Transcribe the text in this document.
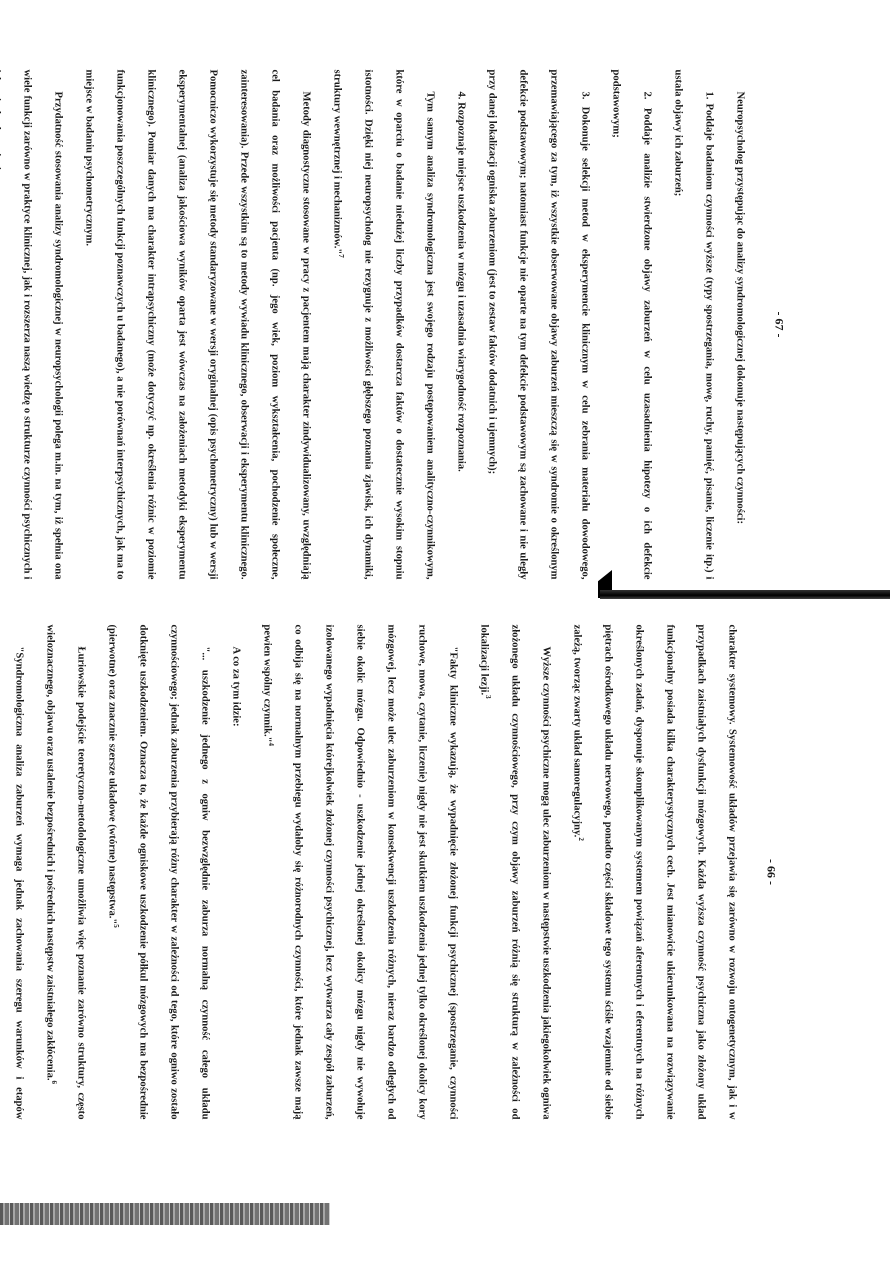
- 66 -

charakter systemowy. Systemowość układów przejawia się zarówno w rozwoju ontogenetycznym, jak i w przypadkach zaistniałych dysfunkcji mózgowych. Każda wyższa czynność psychiczna jako złożony układ funkcjonalny posiada kilka charakterystycznych cech. Jest mianowicie ukierunkowana na rozwiązywanie określonych zadań, dysponuje skomplikowanym systemem powiązań aferentnych i eferentnych na różnych piętrach ośrodkowego układu nerwowego, ponadto części składowe tego systemu ściśle wzajemnie od siebie zależą, tworząc zwarty układ samoregulacyjny.$^2$

Wyższe czynności psychiczne mogą ulec zaburzeniom w następstwie uszkodzenia jakiegokolwiek ogniwa złożonego układu czynnościowego, przy czym objawy zaburzeń różnią się strukturą w zależności od lokalizacji lezji.$^3$

"Fakty kliniczne wykazują, że wypadnięcie złożonej funkcji psychicznej (spostrzeganie, czynności ruchowe, mowa, czytanie, liczenie) nigdy nie jest skutkiem uszkodzenia jednej tylko określonej okolicy kory mózgowej, lecz może ulec zaburzeniom w konsekwencji uszkodzenia różnych, nieraz bardzo odległych od siebie okolic mózgu. Odpowiednio - uszkodzenie jednej określonej okolicy mózgu nigdy nie wywołuje izolowanego wypadnięcia którejkolwiek złożonej czynności psychicznej, lecz wytwarza cały zespół zaburzeń, co odbija się na normalnym przebiegu wydałoby się różnorodnych czynności, które jednak zawsze mają pewien wspólny czynnik."$^4$

A co za tym idzie:

"... uszkodzenie jednego z ogniw bezwzględnie zaburza normalną czynność całego układu czynnościowego; jednak zaburzenia przybierają różny charakter w zależności od tego, które ogniwo zostało dotknięte uszkodzeniem. Oznacza to, że każde ogniskowe uszkodzenie półkul mózgowych ma bezpośrednie (pierwotne) oraz znacznie szersze układowe (wtórne) następstwa."$^5$

Łuriowskie podejście teoretyczno-metodologiczne umożliwia więc poznanie zarówno struktury, często wieloznacznego, objawu oraz ustalenie bezpośrednich i pośrednich następstw zaistniałego zakłócenia.$^6$

"Syndromologiczna analiza zaburzeń wymaga jednak zachowania szeregu warunków i etapów

- 67 -

Neuropsycholog przystępując do analizy syndromologicznej dokonuje następujących czynności:

1. Poddaje badaniom czynności wyższe (typy spostrzegania, mowę, ruchy, pamięć, pisanie, liczenie itp.) i ustala objawy ich zaburzeń;

2. Poddaje analizie stwierdzone objawy zaburzeń w celu uzasadnienia hipotezy o ich defekcie podstawowym;

3. Dokonuje selekcji metod w eksperymencie klinicznym w celu zebrania materiału dowodowego, przemawiającego za tym, iż wszystkie obserwowane objawy zaburzeń mieszczą się w syndromie o określonym defekcie podstawowym; natomiast funkcje nie oparte na tym defekcie podstawowym są zachowane i nie uległy przy danej lokalizacji ogniska zaburzeniom (jest to zestaw faktów dodatnich i ujemnych);

4. Rozpoznaje miejsce uszkodzenia w mózgu i uzasadnia wiarygodność rozpoznania.

Tym samym analiza syndromologiczna jest swojego rodzaju postępowaniem analityczno-czynnikowym, które w oparciu o badanie niedużej liczby przypadków dostarcza faktów o dostatecznie wysokim stopniu istotności. Dzięki niej neuropsycholog nie rezygnuje z możliwości głębszego poznania zjawisk, ich dynamiki, struktury wewnętrznej i mechanizmów."$^7$

Metody diagnostyczne stosowane w pracy z pacjentem mają charakter zindywidualizowany, uwzględniają cel badania oraz możliwości pacjenta (np. jego wiek, poziom wykształcenia, pochodzenie społeczne, zainteresowania). Przede wszystkim są to metody wywiadu klinicznego, obserwacji i eksperymentu klinicznego. Pomocniczo wykorzystuje się metody standaryzowane w wersji oryginalnej (opis psychometryczny) lub w wersji eksperymentalnej (analiza jakościowa wyników oparta jest wówczas na założeniach metodyki eksperymentu klinicznego). Pomiar danych ma charakter intrapsychiczny (może dotyczyć np. określenia różnic w poziomie funkcjonowania poszczególnych funkcji poznawczych u badanego), a nie porównań interpsychicznych, jak ma to miejsce w badaniu psychometrycznym.

Przydatność stosowania analizy syndromologicznej w neuropsychologii polega m.in. na tym, iż spełnia ona wiele funkcji zarówno w praktyce klinicznej, jak i rozszerza naszą wiedzę o strukturze czynności psychicznych i
